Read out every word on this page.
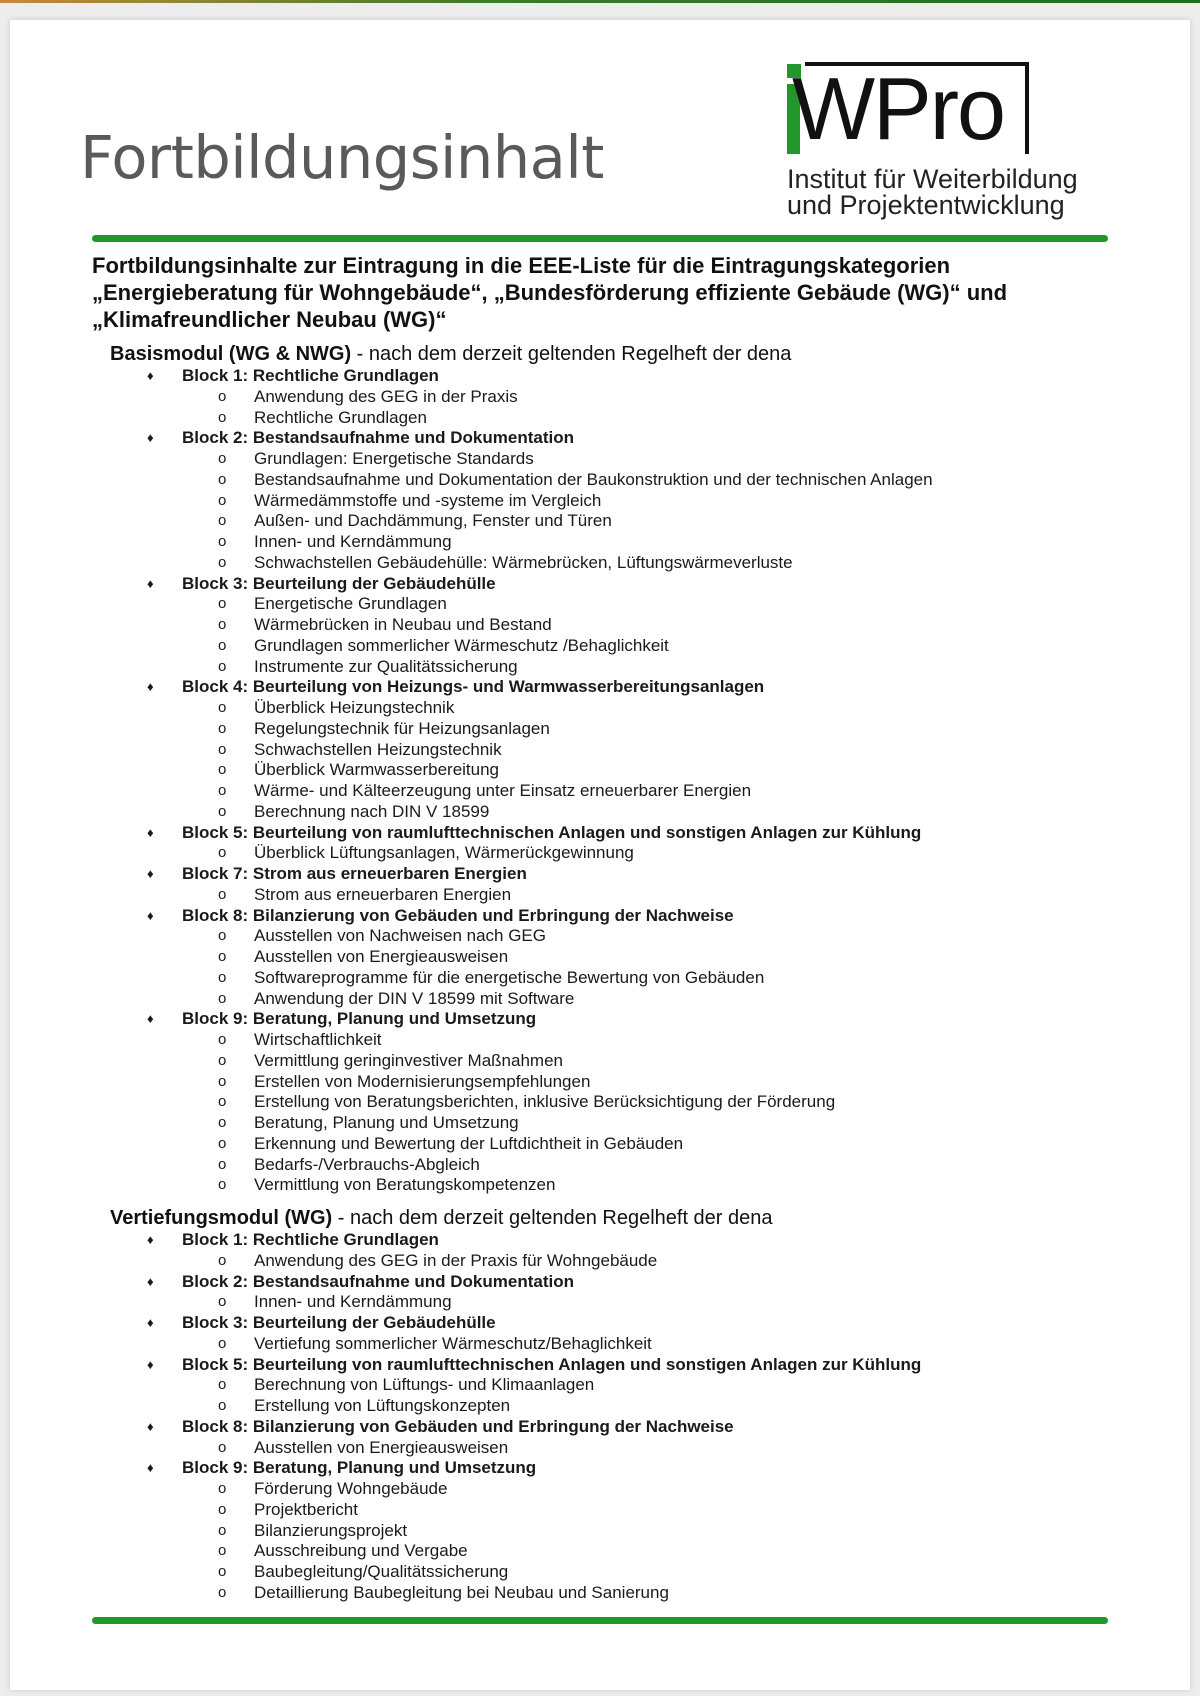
Fortbildungsinhalt WPro
Institut für Weiterbildung
und Projektentwicklung
Fortbildungsinhalte zur Eintragung in die EEE-Liste für die Eintragungskategorien
„Energieberatung für Wohngebäude“, „Bundesförderung effiziente Gebäude (WG)“ und
„Klimafreundlicher Neubau (WG)“
Basismodul (WG & NWG) - nach dem derzeit geltenden Regelheft der dena
♦ Block 1: Rechtliche Grundlagen
o Anwendung des GEG in der Praxis
o Rechtliche Grundlagen
♦ Block 2: Bestandsaufnahme und Dokumentation
o Grundlagen: Energetische Standards
o Bestandsaufnahme und Dokumentation der Baukonstruktion und der technischen Anlagen
o Wärmedämmstoffe und -systeme im Vergleich
o Außen- und Dachdämmung, Fenster und Türen
o Innen- und Kerndämmung
o Schwachstellen Gebäudehülle: Wärmebrücken, Lüftungswärmeverluste
♦ Block 3: Beurteilung der Gebäudehülle
o Energetische Grundlagen
o Wärmebrücken in Neubau und Bestand
o Grundlagen sommerlicher Wärmeschutz /Behaglichkeit
o Instrumente zur Qualitätssicherung
♦ Block 4: Beurteilung von Heizungs- und Warmwasserbereitungsanlagen
o Überblick Heizungstechnik
o Regelungstechnik für Heizungsanlagen
o Schwachstellen Heizungstechnik
o Überblick Warmwasserbereitung
o Wärme- und Kälteerzeugung unter Einsatz erneuerbarer Energien
o Berechnung nach DIN V 18599
♦ Block 5: Beurteilung von raumlufttechnischen Anlagen und sonstigen Anlagen zur Kühlung
o Überblick Lüftungsanlagen, Wärmerückgewinnung
♦ Block 7: Strom aus erneuerbaren Energien
o Strom aus erneuerbaren Energien
♦ Block 8: Bilanzierung von Gebäuden und Erbringung der Nachweise
o Ausstellen von Nachweisen nach GEG
o Ausstellen von Energieausweisen
o Softwareprogramme für die energetische Bewertung von Gebäuden
o Anwendung der DIN V 18599 mit Software
♦ Block 9: Beratung, Planung und Umsetzung
o Wirtschaftlichkeit
o Vermittlung geringinvestiver Maßnahmen
o Erstellen von Modernisierungsempfehlungen
o Erstellung von Beratungsberichten, inklusive Berücksichtigung der Förderung
o Beratung, Planung und Umsetzung
o Erkennung und Bewertung der Luftdichtheit in Gebäuden
o Bedarfs-/Verbrauchs-Abgleich
o Vermittlung von Beratungskompetenzen
Vertiefungsmodul (WG) - nach dem derzeit geltenden Regelheft der dena
♦ Block 1: Rechtliche Grundlagen
o Anwendung des GEG in der Praxis für Wohngebäude
♦ Block 2: Bestandsaufnahme und Dokumentation
o Innen- und Kerndämmung
♦ Block 3: Beurteilung der Gebäudehülle
o Vertiefung sommerlicher Wärmeschutz/Behaglichkeit
♦ Block 5: Beurteilung von raumlufttechnischen Anlagen und sonstigen Anlagen zur Kühlung
o Berechnung von Lüftungs- und Klimaanlagen
o Erstellung von Lüftungskonzepten
♦ Block 8: Bilanzierung von Gebäuden und Erbringung der Nachweise
o Ausstellen von Energieausweisen
♦ Block 9: Beratung, Planung und Umsetzung
o Förderung Wohngebäude
o Projektbericht
o Bilanzierungsprojekt
o Ausschreibung und Vergabe
o Baubegleitung/Qualitätssicherung
o Detaillierung Baubegleitung bei Neubau und Sanierung
